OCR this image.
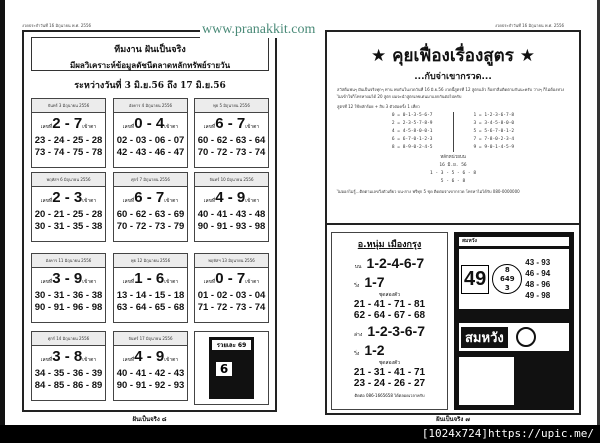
งวดประจำวันที่ 16 มิถุนายน พ.ศ. 2556
ทีมงาน ฝันเป็นจริง
มีผลวิเคราะห์ข้อมูลดัชนีตลาดหลักทรัพย์รายวัน
ระหว่างวันที่ 3 มิ.ย.56 ถึง 17 มิ.ย.56
จันทร์ 3 มิถุนายน 2556
เลขที่2 - 7เข้าตา
23 - 24 - 25 - 28
73 - 74 - 75 - 78
อังคาร 4 มิถุนายน 2556
เลขที่0 - 4เข้าตา
02 - 03 - 06 - 07
42 - 43 - 46 - 47
พุธ 5 มิถุนายน 2556
เลขที่6 - 7เข้าตา
60 - 62 - 63 - 64
70 - 72 - 73 - 74
พฤหัสฯ 6 มิถุนายน 2556
เลขที่2 - 3เข้าตา
20 - 21 - 25 - 28
30 - 31 - 35 - 38
ศุกร์ 7 มิถุนายน 2556
เลขที่6 - 7เข้าตา
60 - 62 - 63 - 69
70 - 72 - 73 - 79
จันทร์ 10 มิถุนายน 2556
เลขที่4 - 9เข้าตา
40 - 41 - 43 - 48
90 - 91 - 93 - 98
อังคาร 11 มิถุนายน 2556
เลขที่3 - 9เข้าตา
30 - 31 - 36 - 38
90 - 91 - 96 - 98
พุธ 12 มิถุนายน 2556
เลขที่1 - 6เข้าตา
13 - 14 - 15 - 18
63 - 64 - 65 - 68
พฤหัสฯ 13 มิถุนายน 2556
เลขที่0 - 7เข้าตา
01 - 02 - 03 - 04
71 - 72 - 73 - 74
ศุกร์ 14 มิถุนายน 2556
เลขที่3 - 8เข้าตา
34 - 35 - 36 - 39
84 - 85 - 86 - 89
จันทร์ 17 มิถุนายน 2556
เลขที่4 - 9เข้าตา
40 - 41 - 42 - 43
90 - 91 - 92 - 93
รวยเละ 69
6
ฝันเป็นจริง ๘
www.pranakkit.com	งวดประจำวันที่ 16 มิถุนายน พ.ศ. 2556
★ คุยเฟื่องเรื่องสูตร ★
...กับจ่าเขากรวด...
สวัสดีแฟนๆ ฝันเป็นจริงทุกๆ ท่าน พบกันในงวดวันที่ 16 มิ.ย.56 งวดนี้สูตรที่ 12 สูตรแล้ว ก็อย่าลืมติดตามกันนะครับ ว่างๆ ก็ไม่ต้องห่วง ไม่เข้าใจก็โทรหาผมได้ 20 สูตร ผมจะนำสูตรเลขเด่นมาแจกกันต่อไปครับ
สูตรที่ 12 ใช้หลักร้อย + สิบ 3 ตัวต่อครั้ง 1 เที่ยว
0 = 0-1-3-5-6-7
2 = 2-3-5-7-8-9
4 = 4-5-8-0-0-1
6 = 6-7-0-1-2-3
8 = 8-9-0-2-4-5
1 = 1-2-3-6-7-8
3 = 3-4-5-8-0-0
5 = 5-6-7-0-1-2
7 = 7-8-0-2-3-4
9 = 9-0-1-4-5-9
หลักหน่วยบน
16 มิ.ย. 56
1 - 3 - 5 - 6 - 8
5 - 6 - 8
ไม่ออกไม่รู้...ติดตามเลขวิ่งตัวเดียว บน-ล่าง ฟรีทุก 5 ชุด ติดต่อจ่าเขากรวด โทรหาไม่ได้รับ 080-0000000
อ.หนุ่ม เมืองกรุง
บน 1-2-4-6-7
วิ่ง 1-7
ชุดสองตัว
21 - 41 - 71 - 81
62 - 64 - 67 - 68
ล่าง 1-2-3-6-7
วิ่ง 1-2
ชุดสองตัว
21 - 31 - 41 - 71
23 - 24 - 26 - 27
ติดต่อ 086-1665658 ได้ตลอดเวลาครับ
สมหวัง
49	8
649
3
43 - 93
46 - 94
48 - 96
49 - 98
สมหวัง
ฝันเป็นจริง ๗
[1024x724]https://upic.me/
